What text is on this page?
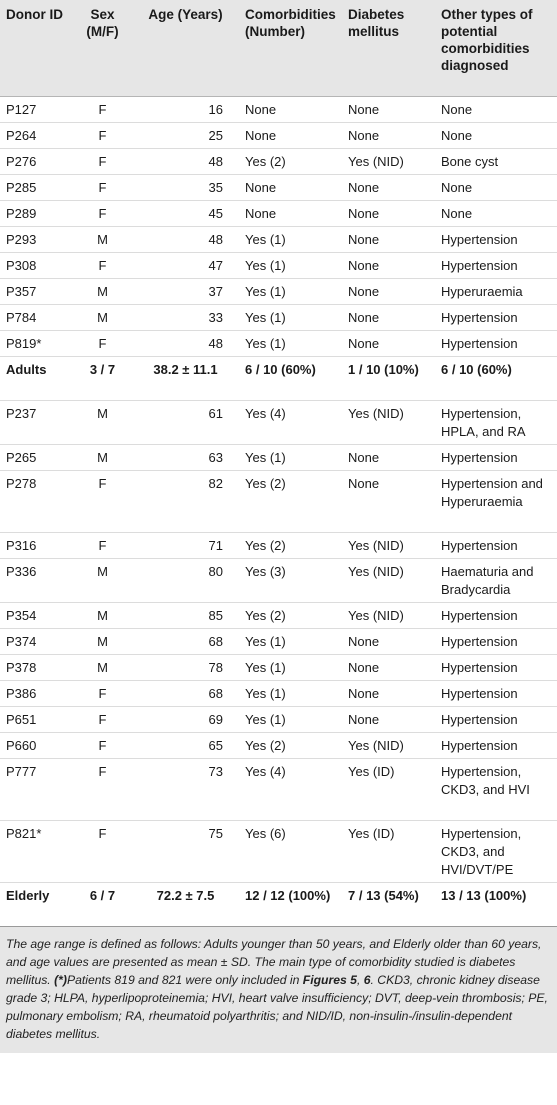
Donor ID	Sex (M/F)	Age (Years)	Comorbidities (Number)	Diabetes mellitus	Other types of potential comorbidities diagnosed
P127	F	16	None	None	None
P264	F	25	None	None	None
P276	F	48	Yes (2)	Yes (NID)	Bone cyst
P285	F	35	None	None	None
P289	F	45	None	None	None
P293	M	48	Yes (1)	None	Hypertension
P308	F	47	Yes (1)	None	Hypertension
P357	M	37	Yes (1)	None	Hyperuraemia
P784	M	33	Yes (1)	None	Hypertension
P819*	F	48	Yes (1)	None	Hypertension
Adults	3 / 7	38.2 ± 11.1	6 / 10 (60%)	1 / 10 (10%)	6 / 10 (60%)
P237	M	61	Yes (4)	Yes (NID)	Hypertension, HPLA, and RA
P265	M	63	Yes (1)	None	Hypertension
P278	F	82	Yes (2)	None	Hypertension and Hyperuraemia
P316	F	71	Yes (2)	Yes (NID)	Hypertension
P336	M	80	Yes (3)	Yes (NID)	Haematuria and Bradycardia
P354	M	85	Yes (2)	Yes (NID)	Hypertension
P374	M	68	Yes (1)	None	Hypertension
P378	M	78	Yes (1)	None	Hypertension
P386	F	68	Yes (1)	None	Hypertension
P651	F	69	Yes (1)	None	Hypertension
P660	F	65	Yes (2)	Yes (NID)	Hypertension
P777	F	73	Yes (4)	Yes (ID)	Hypertension, CKD3, and HVI
P821*	F	75	Yes (6)	Yes (ID)	Hypertension, CKD3, and HVI/DVT/PE
Elderly	6 / 7	72.2 ± 7.5	12 / 12 (100%)	7 / 13 (54%)	13 / 13 (100%)
The age range is defined as follows: Adults younger than 50 years, and Elderly older than 60 years, and age values are presented as mean ± SD. The main type of comorbidity studied is diabetes mellitus. (*)Patients 819 and 821 were only included in Figures 5, 6. CKD3, chronic kidney disease grade 3; HLPA, hyperlipoproteinemia; HVI, heart valve insufficiency; DVT, deep-vein thrombosis; PE, pulmonary embolism; RA, rheumatoid polyarthritis; and NID/ID, non-insulin-/insulin-dependent diabetes mellitus.
